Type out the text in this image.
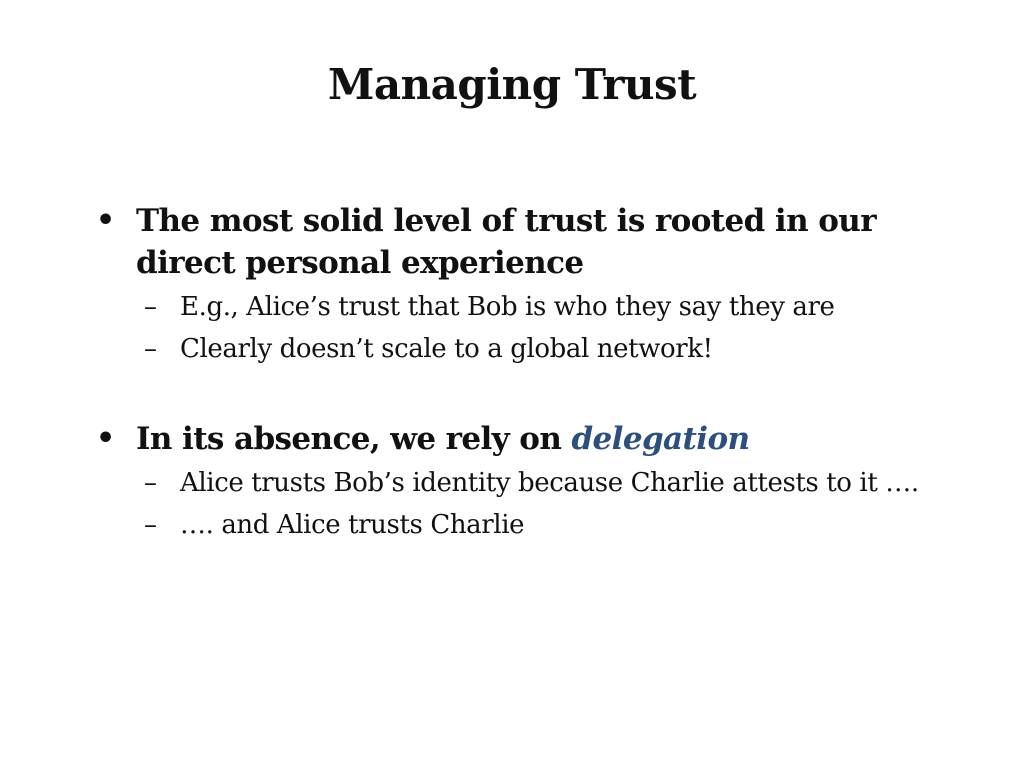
Managing Trust
• The most solid level of trust is rooted in our direct personal experience
– E.g., Alice’s trust that Bob is who they say they are
– Clearly doesn’t scale to a global network!
• In its absence, we rely on delegation
– Alice trusts Bob’s identity because Charlie attests to it ….
– …. and Alice trusts Charlie
